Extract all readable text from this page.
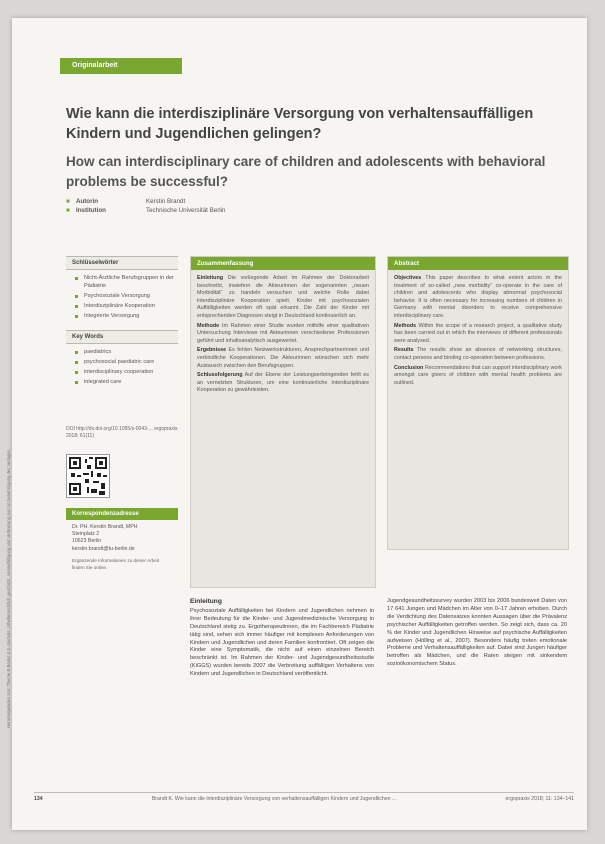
Heruntergeladen von: Thieme E-Books & E-Journals. Urheberrechtlich geschützt. Vervielfältigung und Verbreitung nur mit Genehmigung des Verlages.
Originalarbeit
Wie kann die interdisziplinäre Versorgung von verhaltensauffälligen Kindern und Jugendlichen gelingen?
How can interdisciplinary care of children and adolescents with behavioral problems be successful?
■	Autorin	Kerstin Brandt
■	Institution	Technische Universität Berlin
Schlüsselwörter
Nicht-Ärztliche Berufsgruppen in der Pädiatrie
Psychosoziale Versorgung
Interdisziplinäre Kooperation
Integrierte Versorgung
Key Words
paediatrics
psychosocial paediatric care
interdisciplinary cooperation
integrated care
DOI http://dx.doi.org/10.1055/s-0043-... ergopraxis 2018; 61(11)
Korrespondenzadresse
Dr. PH. Kerstin Brandt, MPH
Steinplatz 2
10623 Berlin
kerstin.brandt@tu-berlin.de
Ergänzende Informationen zu dieser Arbeit finden Sie online.
Zusammenfassung

Einleitung Die vorliegende Arbeit im Rahmen der Doktorarbeit beschreibt, inwiefern die Akteurinnen der sogenannten „neuen Morbidität“ zu handeln versuchen und welche Rolle dabei interdisziplinäre Kooperation spielt. Kinder mit psychosozialen Auffälligkeiten werden oft spät erkannt. Die Zahl der Kinder mit entsprechenden Diagnosen steigt in Deutschland kontinuierlich an.

Methode Im Rahmen einer Studie wurden mithilfe einer qualitativen Untersuchung Interviews mit Akteurinnen verschiedener Professionen geführt und inhaltsanalytisch ausgewertet.

Ergebnisse Es fehlen Netzwerkstrukturen, Ansprechpartnerinnen und verbindliche Kooperationen. Die Akteurinnen wünschen sich mehr Austausch zwischen den Berufsgruppen.

Schlussfolgerung Auf der Ebene der Leistungserbringenden fehlt es an vernetzten Strukturen, um eine kontinuierliche interdisziplinäre Kooperation zu gewährleisten.

Abstract

Objectives This paper describes to what extent actors in the treatment of so-called „new morbidity“ co-operate in the care of children and adolescents who display abnormal psychosocial behavior. It is often necessary for increasing numbers of children in Germany with mental disorders to receive comprehensive interdisciplinary care.

Methods Within the scope of a research project, a qualitative study has been carried out in which the interviews of different professionals were analysed.

Results The results show an absence of networking structures, contact persons and binding co-operation between professions.

Conclusion Recommendations that can support interdisciplinary work amongst care givers of children with mental health problems are outlined.

Einleitung

Psychosoziale Auffälligkeiten bei Kindern und Jugendlichen nehmen in ihrer Bedeutung für die Kinder- und Jugendmedizinische Versorgung in Deutschland stetig zu. Ergotherapeutinnen, die im Fachbereich Pädiatrie tätig sind, sehen sich immer häufiger mit komplexen Anforderungen von Kindern und Jugendlichen und deren Familien konfrontiert. Oft zeigen die Kinder eine Symptomatik, die nicht auf einen einzelnen Bereich beschränkt ist. Im Rahmen der Kinder- und Jugendgesundheitsstudie (KiGGS) wurden bereits 2007 die Verbreitung auffälligen Verhaltens von Kindern und Jugendlichen in Deutschland veröffentlicht.

Jugendgesundheitssurvey wurden 2003 bis 2006 bundesweit Daten von 17 641 Jungen und Mädchen im Alter von 0–17 Jahren erhoben. Durch die Verdichtung des Datensatzes konnten Aussagen über die Prävalenz psychischer Auffälligkeiten getroffen werden. So zeigt sich, dass ca. 20 % der Kinder und Jugendlichen Hinweise auf psychische Auffälligkeiten aufweisen (Hölling et al., 2007). Besonders häufig treten emotionale Probleme und Verhaltensauffälligkeiten auf. Dabei sind Jungen häufiger betroffen als Mädchen, und die Raten steigen mit sinkendem sozioökonomischem Status.

134	Brandt K. Wie kann die interdisziplinäre Versorgung von verhaltensauffälligen Kindern und Jugendlichen ...	ergopraxis 2018; 11: 134–141
